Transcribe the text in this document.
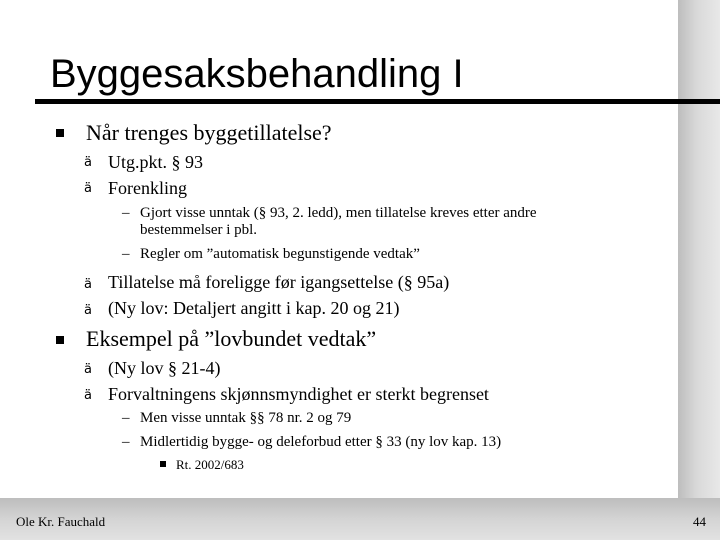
Byggesaksbehandling I
Når trenges byggetillatelse?
ä Utg.pkt. § 93
ä Forenkling
– Gjort visse unntak (§ 93, 2. ledd), men tillatelse kreves etter andre
bestemmelser i pbl.
– Regler om ”automatisk begunstigende vedtak”
ä Tillatelse må foreligge før igangsettelse (§ 95a)
ä (Ny lov: Detaljert angitt i kap. 20 og 21)
Eksempel på ”lovbundet vedtak”
ä (Ny lov § 21-4)
ä Forvaltningens skjønnsmyndighet er sterkt begrenset
– Men visse unntak §§ 78 nr. 2 og 79
– Midlertidig bygge- og deleforbud etter § 33 (ny lov kap. 13)
Rt. 2002/683
Ole Kr. Fauchald	44
